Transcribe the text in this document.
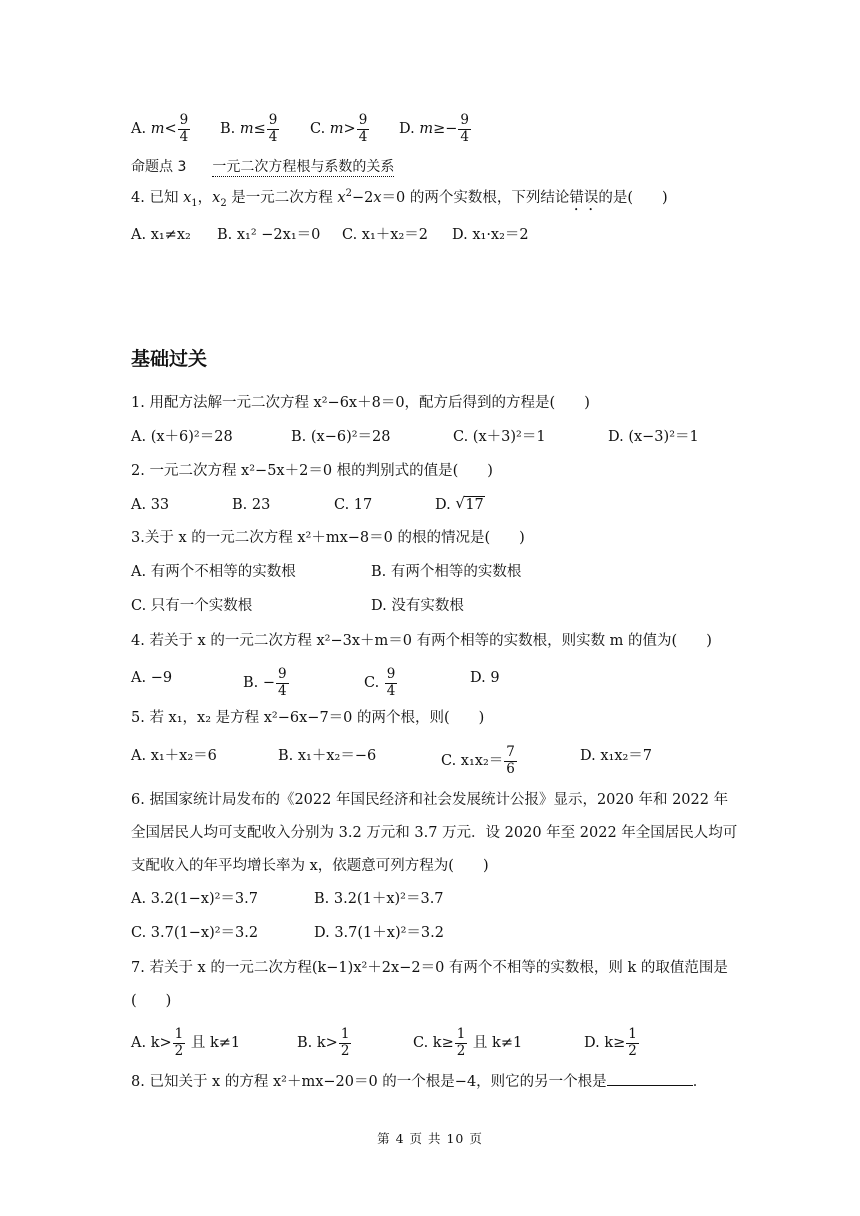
A. $m< \frac{9}{4} B$. $m\le \frac{9}{4} C$. $m> \frac{9}{4} D$. $m\ge- \frac{9}{4}$
命题点 3 一元二次方程根与系数的关系
4. 已知 $x_1$，$x_2$ 是一元二次方程 $x^2-2x=0$ 的两个实数根，下列结论错误的是(　　)
A. x₁≠x₂ B. x₁² −2x₁＝0 C. x₁＋x₂＝2 D. x₁·x₂＝2
基础过关
1. 用配方法解一元二次方程 x²−6x＋8＝0，配方后得到的方程是(　　)
A. (x＋6)²＝28	B. (x−6)²＝28	C. (x＋3)²＝1	D. (x−3)²＝1
2. 一元二次方程 x²−5x＋2＝0 根的判别式的值是(　　)
A. 33	B. 23	C. 17	D. √ 17
3.关于 x 的一元二次方程 x²＋mx−8＝0 的根的情况是(　　)
A. 有两个不相等的实数根	B. 有两个相等的实数根
C. 只有一个实数根	D. 没有实数根
4. 若关于 x 的一元二次方程 x²−3x＋m＝0 有两个相等的实数根，则实数 m 的值为(　　)
A. −9	B. − $\frac{9}{4}$	C. $\frac{9}{4}$	D. 9
5. 若 x₁，x₂ 是方程 x²−6x−7＝0 的两个根，则(　　)
A. x₁＋x₂＝6	B. x₁＋x₂＝−6	C. $x_1x_2= \frac{7}{6}$	D. x₁x₂＝7
6. 据国家统计局发布的《2022 年国民经济和社会发展统计公报》显示，2020 年和 2022 年
全国居民人均可支配收入分别为 3.2 万元和 3.7 万元．设 2020 年至 2022 年全国居民人均可
支配收入的年平均增长率为 x，依题意可列方程为(　　)
A. 3.2(1−x)²＝3.7	B. 3.2(1＋x)²＝3.7
C. 3.7(1−x)²＝3.2	D. 3.7(1＋x)²＝3.2
7. 若关于 x 的一元二次方程(k−1)x²＋2x−2＝0 有两个不相等的实数根，则 k 的取值范围是
(　　)
A. $k> \frac{1}{2}$ 且 k≠1	B. $k> \frac{1}{2}$	C. $k\ge \frac{1}{2}$ 且 k≠1	D. $k\ge \frac{1}{2}$
8. 已知关于 x 的方程 x²＋mx−20＝0 的一个根是−4，则它的另一个根是	．
第 4 页 共 10 页
